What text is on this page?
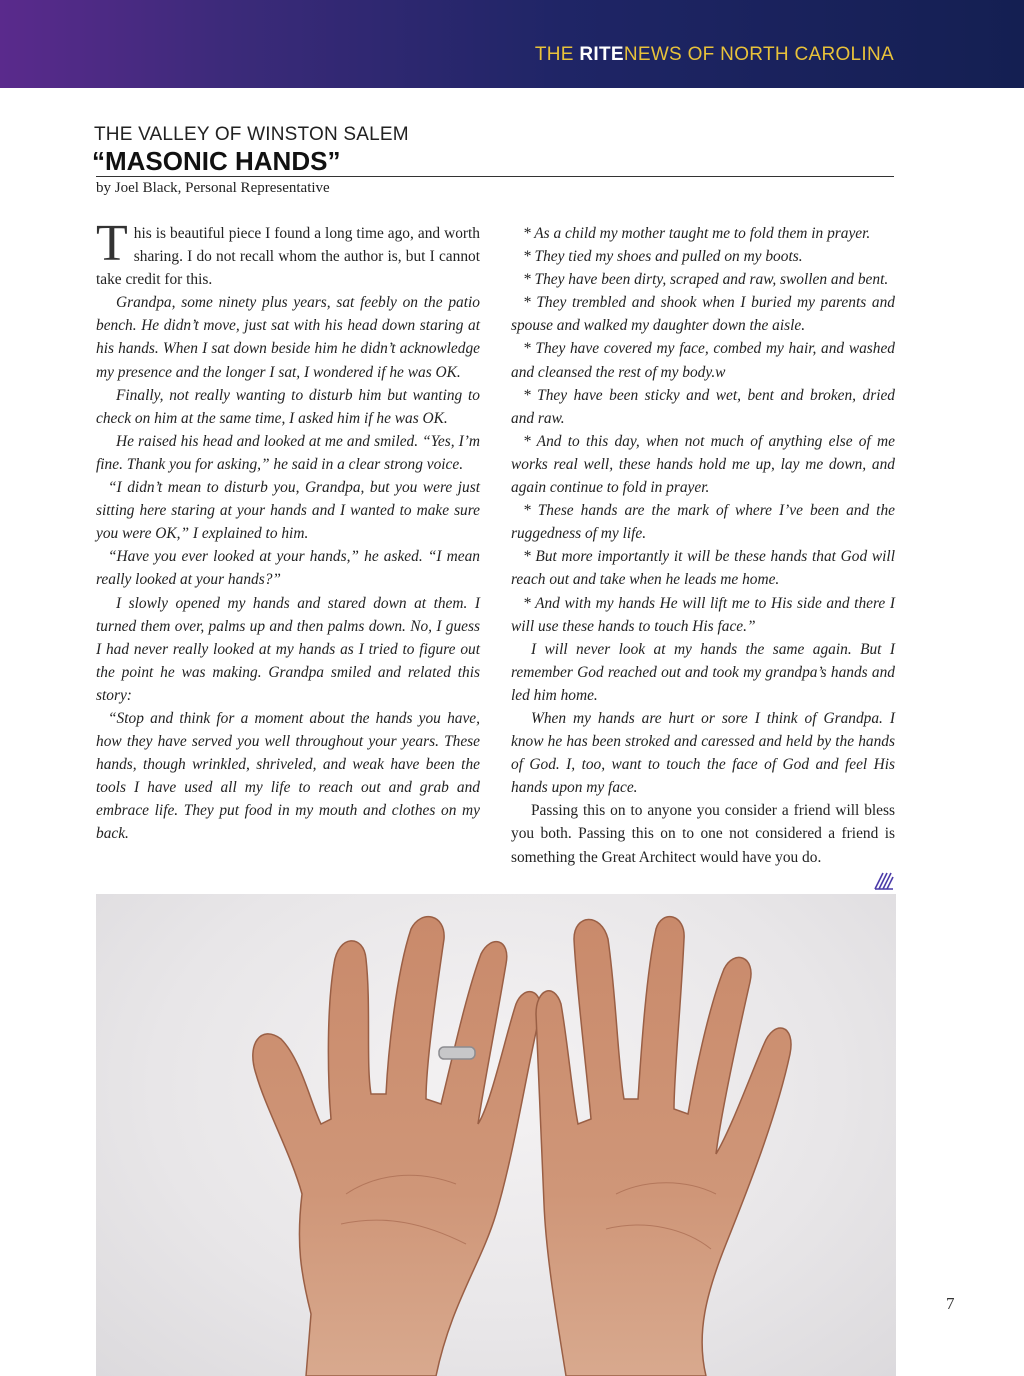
THE RITENEWS OF NORTH CAROLINA
THE VALLEY OF WINSTON SALEM
“MASONIC HANDS”
by Joel Black, Personal Representative

This is beautiful piece I found a long time ago, and worth sharing. I do not recall whom the author is, but I cannot take credit for this.

Grandpa, some ninety plus years, sat feebly on the patio bench. He didn’t move, just sat with his head down staring at his hands. When I sat down beside him he didn’t acknowledge my presence and the longer I sat, I wondered if he was OK.

Finally, not really wanting to disturb him but wanting to check on him at the same time, I asked him if he was OK.

He raised his head and looked at me and smiled. “Yes, I’m fine. Thank you for asking,” he said in a clear strong voice.

“I didn’t mean to disturb you, Grandpa, but you were just sitting here staring at your hands and I wanted to make sure you were OK,” I explained to him.

“Have you ever looked at your hands,” he asked. “I mean really looked at your hands?”

I slowly opened my hands and stared down at them. I turned them over, palms up and then palms down. No, I guess I had never really looked at my hands as I tried to figure out the point he was making. Grandpa smiled and related this story:

“Stop and think for a moment about the hands you have, how they have served you well throughout your years. These hands, though wrinkled, shriveled, and weak have been the tools I have used all my life to reach out and grab and embrace life. They put food in my mouth and clothes on my back.

* As a child my mother taught me to fold them in prayer.

* They tied my shoes and pulled on my boots.

* They have been dirty, scraped and raw, swollen and bent.

* They trembled and shook when I buried my parents and spouse and walked my daughter down the aisle.

* They have covered my face, combed my hair, and washed and cleansed the rest of my body.w

* They have been sticky and wet, bent and broken, dried and raw.

* And to this day, when not much of anything else of me works real well, these hands hold me up, lay me down, and again continue to fold in prayer.

* These hands are the mark of where I’ve been and the ruggedness of my life.

* But more importantly it will be these hands that God will reach out and take when he leads me home.

* And with my hands He will lift me to His side and there I will use these hands to touch His face.”

I will never look at my hands the same again. But I remember God reached out and took my grandpa’s hands and led him home.

When my hands are hurt or sore I think of Grandpa. I know he has been stroked and caressed and held by the hands of God. I, too, want to touch the face of God and feel His hands upon my face.

Passing this on to anyone you consider a friend will bless you both. Passing this on to one not considered a friend is something the Great Architect would have you do.

7
